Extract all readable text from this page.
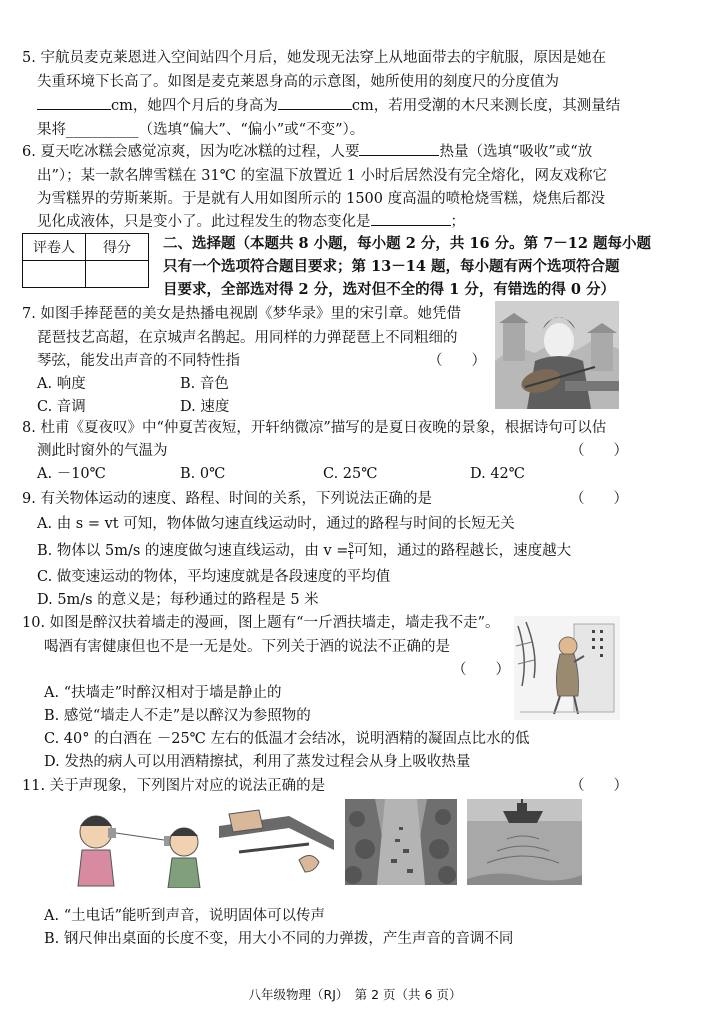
5. 宇航员麦克莱恩进入空间站四个月后，她发现无法穿上从地面带去的宇航服，原因是她在
失重环境下长高了。如图是麦克莱恩身高的示意图，她所使用的刻度尺的分度值为
cm，她四个月后的身高为	cm，若用受潮的木尺来测长度，其测量结
果将__________（选填“偏大”、“偏小”或“不变”）。
6. 夏天吃冰糕会感觉凉爽，因为吃冰糕的过程，人要	热量（选填“吸收”或“放
出”）；某一款名牌雪糕在 31℃ 的室温下放置近 1 小时后居然没有完全熔化，网友戏称它
为雪糕界的劳斯莱斯。于是就有人用如图所示的 1500 度高温的喷枪烧雪糕，烧焦后都没
见化成液体，只是变小了。此过程发生的物态变化是	；
评卷人	得分
	二、选择题（本题共 8 小题，每小题 2 分，共 16 分。第 7－12 题每小题
只有一个选项符合题目要求；第 13－14 题，每小题有两个选项符合题
目要求，全部选对得 2 分，选对但不全的得 1 分，有错选的得 0 分）
7. 如图手捧琵琶的美女是热播电视剧《梦华录》里的宋引章。她凭借
琵琶技艺高超，在京城声名鹊起。用同样的力弹琵琶上不同粗细的
琴弦，能发出声音的不同特性指	（　　）
A. 响度	B. 音色
C. 音调	D. 速度
8. 杜甫《夏夜叹》中“仲夏苦夜短，开轩纳微凉”描写的是夏日夜晚的景象，根据诗句可以估
测此时窗外的气温为	（　　）
A. －10℃	B. 0℃	C. 25℃	D. 42℃
9. 有关物体运动的速度、路程、时间的关系，下列说法正确的是	（　　）
A. 由 s = vt 可知，物体做匀速直线运动时，通过的路程与时间的长短无关
B. 物体以 5m/s 的速度做匀速直线运动，由 $v = \frac{s}{t}$ 可知，通过的路程越长，速度越大
C. 做变速运动的物体，平均速度就是各段速度的平均值
D. 5m/s 的意义是；每秒通过的路程是 5 米
10. 如图是醉汉扶着墙走的漫画，图上题有“一斤酒扶墙走，墙走我不走”。
喝酒有害健康但也不是一无是处。下列关于酒的说法不正确的是
（　　）
A. “扶墙走”时醉汉相对于墙是静止的
B. 感觉“墙走人不走”是以醉汉为参照物的
C. 40° 的白酒在 －25℃ 左右的低温才会结冰，说明酒精的凝固点比水的低
D. 发热的病人可以用酒精擦拭，利用了蒸发过程会从身上吸收热量
11. 关于声现象，下列图片对应的说法正确的是	（　　）
A. “土电话”能听到声音，说明固体可以传声
B. 钢尺伸出桌面的长度不变，用大小不同的力弹拨，产生声音的音调不同
八年级物理（RJ）　第 2 页（共 6 页）
